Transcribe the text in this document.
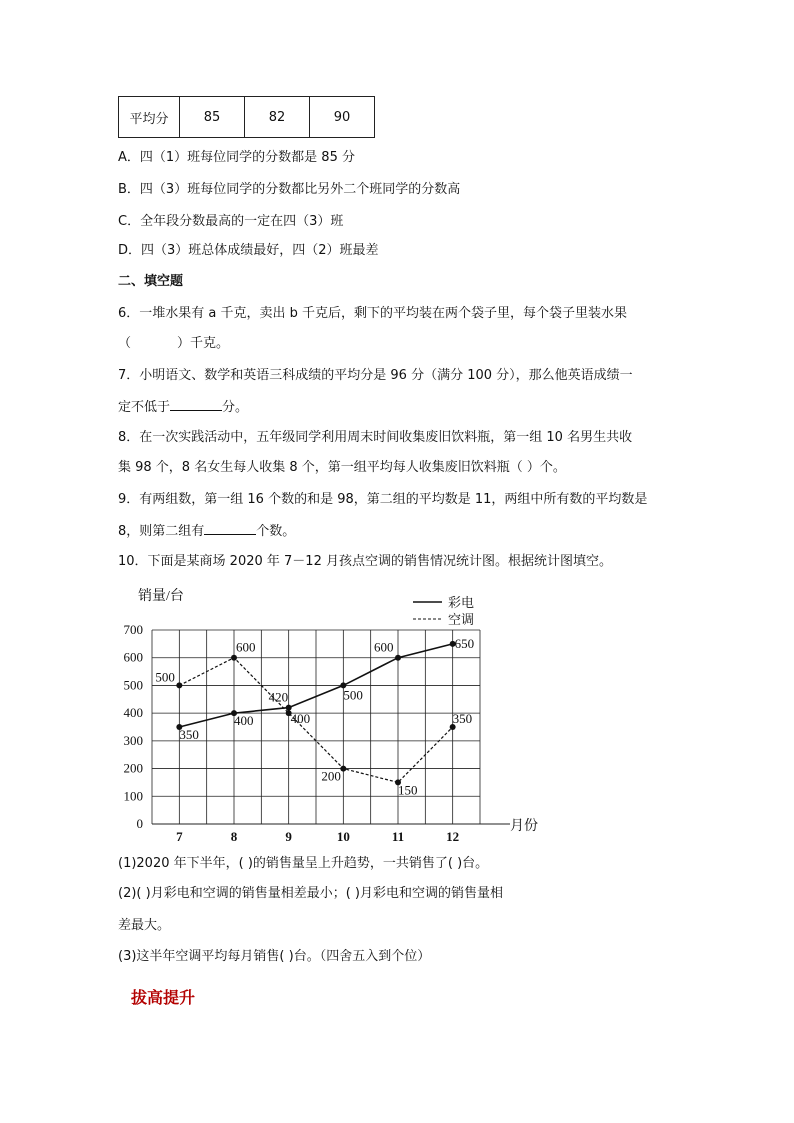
平均分	85	82	90
A．四（1）班每位同学的分数都是 85 分
B．四（3）班每位同学的分数都比另外二个班同学的分数高
C．全年段分数最高的一定在四（3）班
D．四（3）班总体成绩最好，四（2）班最差
二、填空题
6．一堆水果有 a 千克，卖出 b 千克后，剩下的平均装在两个袋子里，每个袋子里装水果
（	）千克。
7．小明语文、数学和英语三科成绩的平均分是 96 分（满分 100 分），那么他英语成绩一
定不低于	分。
8．在一次实践活动中，五年级同学利用周末时间收集废旧饮料瓶，第一组 10 名男生共收
集 98 个，8 名女生每人收集 8 个，第一组平均每人收集废旧饮料瓶（ ）个。
9．有两组数，第一组 16 个数的和是 98，第二组的平均数是 11，两组中所有数的平均数是
8，则第二组有	个数。
10．下面是某商场 2020 年 7－12 月孩点空调的销售情况统计图。根据统计图填空。
0
100
200
300
400
500
600
700
7	8	9	10	11	12
销量/台
月份
350
400
420	500
600	650
500
600
400
200
150
350
彩电
空调
(1)2020 年下半年，( )的销售量呈上升趋势，一共销售了( )台。
(2)( )月彩电和空调的销售量相差最小；( )月彩电和空调的销售量相
差最大。
(3)这半年空调平均每月销售( )台。（四舍五入到个位）
拔高提升
